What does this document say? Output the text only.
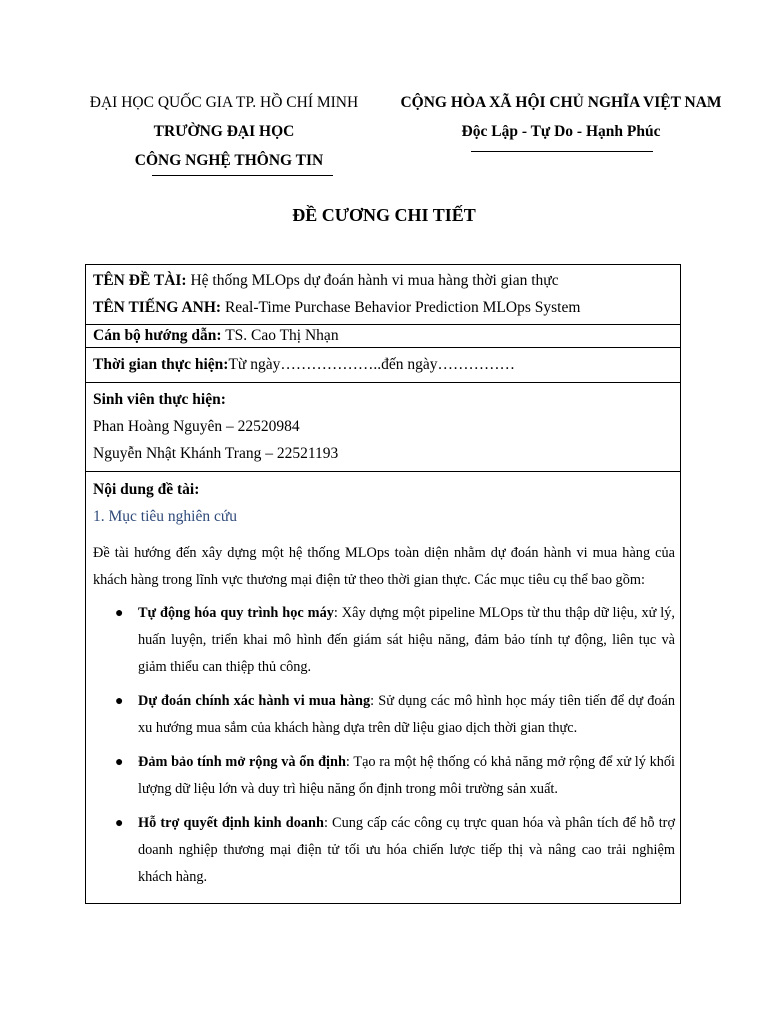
ĐẠI HỌC QUỐC GIA TP. HỒ CHÍ MINH
TRƯỜNG ĐẠI HỌC
CÔNG NGHỆ THÔNG TIN
CỘNG HÒA XÃ HỘI CHỦ NGHĨA VIỆT NAM
Độc Lập - Tự Do - Hạnh Phúc
ĐỀ CƯƠNG CHI TIẾT
TÊN ĐỀ TÀI: Hệ thống MLOps dự đoán hành vi mua hàng thời gian thực
TÊN TIẾNG ANH: Real-Time Purchase Behavior Prediction MLOps System
Cán bộ hướng dẫn: TS. Cao Thị Nhạn
Thời gian thực hiện:Từ ngày………………..đến ngày……………
Sinh viên thực hiện:
Phan Hoàng Nguyên – 22520984
Nguyễn Nhật Khánh Trang – 22521193
Nội dung đề tài:
1. Mục tiêu nghiên cứu
Đề tài hướng đến xây dựng một hệ thống MLOps toàn diện nhằm dự đoán hành vi mua hàng của khách hàng trong lĩnh vực thương mại điện tử theo thời gian thực. Các mục tiêu cụ thể bao gồm:
● Tự động hóa quy trình học máy: Xây dựng một pipeline MLOps từ thu thập dữ liệu, xử lý, huấn luyện, triển khai mô hình đến giám sát hiệu năng, đảm bảo tính tự động, liên tục và giảm thiểu can thiệp thủ công.
● Dự đoán chính xác hành vi mua hàng: Sử dụng các mô hình học máy tiên tiến để dự đoán xu hướng mua sắm của khách hàng dựa trên dữ liệu giao dịch thời gian thực.
● Đảm bảo tính mở rộng và ổn định: Tạo ra một hệ thống có khả năng mở rộng để xử lý khối lượng dữ liệu lớn và duy trì hiệu năng ổn định trong môi trường sản xuất.
● Hỗ trợ quyết định kinh doanh: Cung cấp các công cụ trực quan hóa và phân tích để hỗ trợ doanh nghiệp thương mại điện tử tối ưu hóa chiến lược tiếp thị và nâng cao trải nghiệm khách hàng.
